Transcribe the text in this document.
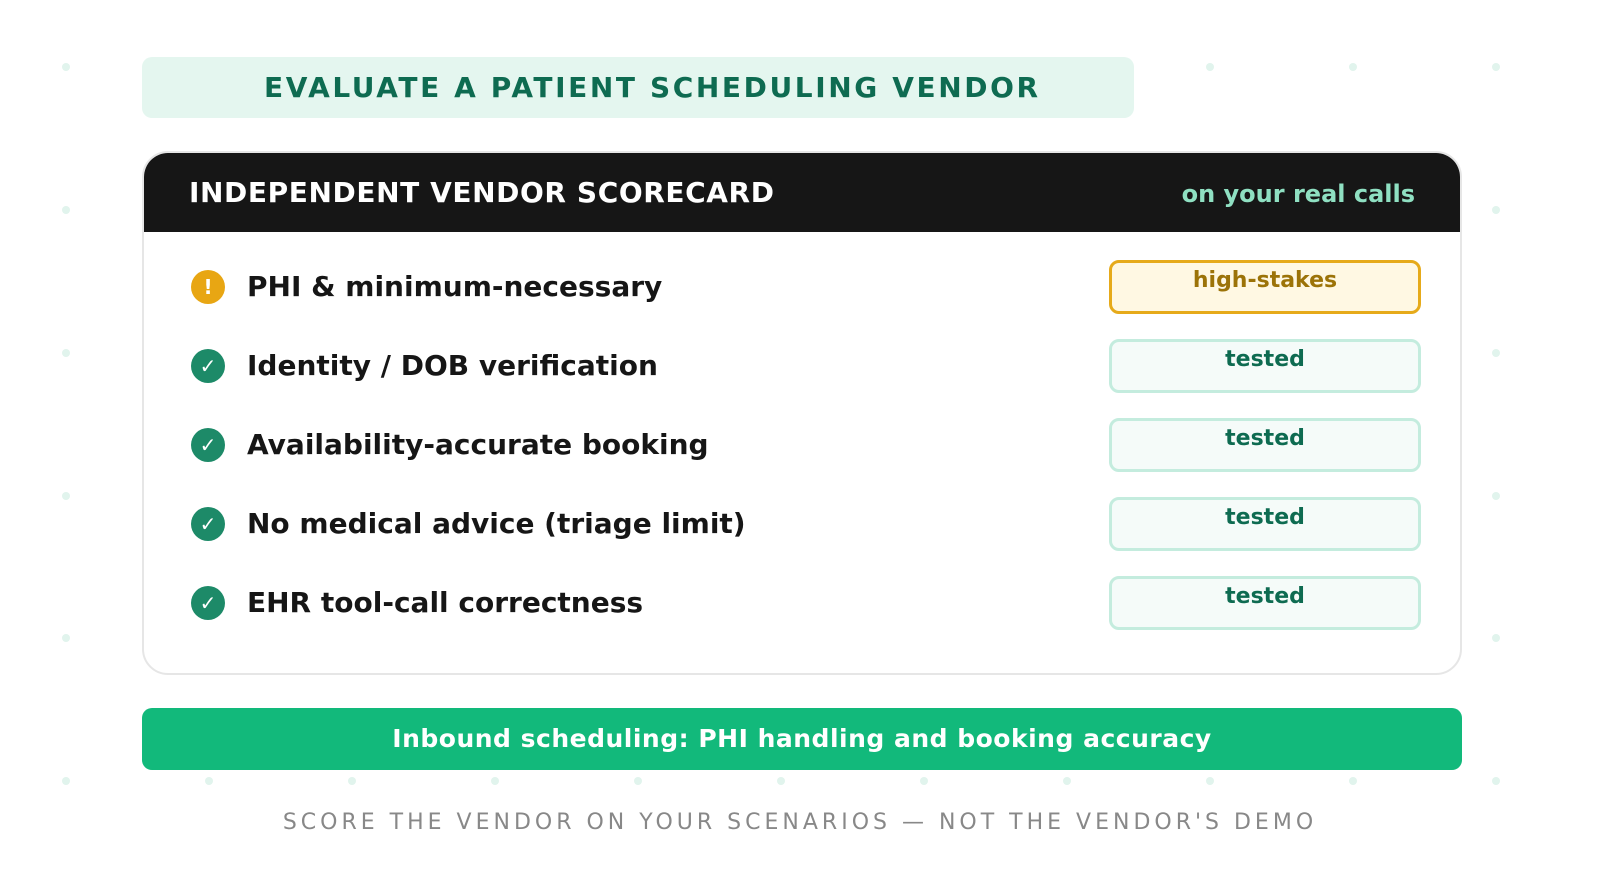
EVALUATE A PATIENT SCHEDULING VENDOR
INDEPENDENT VENDOR SCORECARD	on your real calls
!	PHI & minimum-necessary	high-stakes
✓	Identity / DOB verification	tested
✓	Availability-accurate booking	tested
✓	No medical advice (triage limit)	tested
✓	EHR tool-call correctness	tested
Inbound scheduling: PHI handling and booking accuracy
SCORE THE VENDOR ON YOUR SCENARIOS — NOT THE VENDOR'S DEMO
